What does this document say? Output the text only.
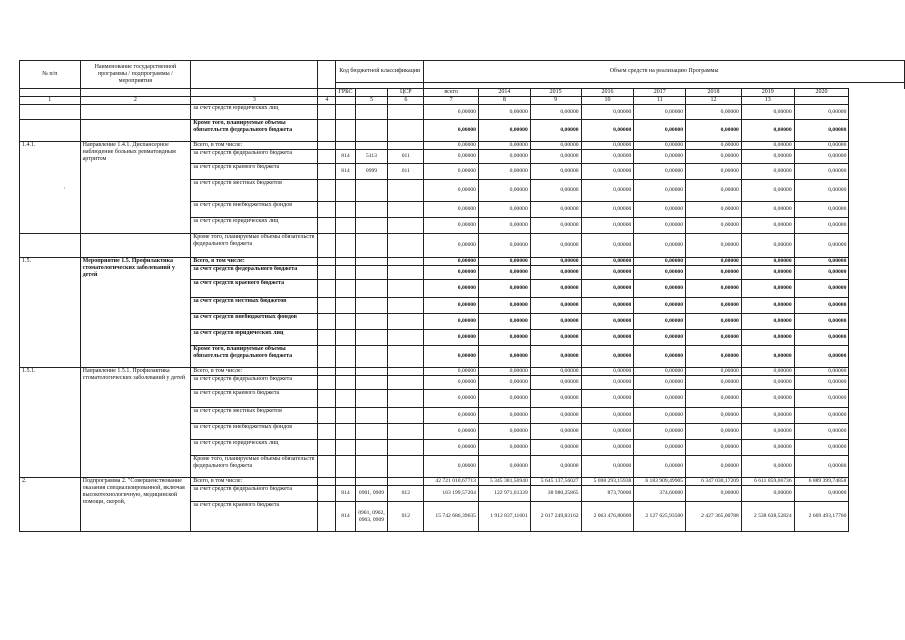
№ п/п	Наименование государственной программы / подпрограммы / мероприятия			Код бюджетной классификации			Объем средств на реализацию Программы							

				ГРБС		ЦСР	всего	2014	2015	2016	2017	2018	2019	2020
1	2	3	4		5	6	7	8	9	10	11	12	13	
		за счет средств юридических лиц					0,00000	0,00000	0,00000	0,00000	0,00000	0,00000	0,00000	0,00000
		Кроме того, планируемые объемы обязательств федерального бюджета					0,00000	0,00000	0,00000	0,00000	0,00000	0,00000	0,00000	0,00000
1.4.1.	Направление 1.4.1. Диспансерное наблюдение больных ревматоидным артритом	Всего, в том числе:					0,00000	0,00000	0,00000	0,00000	0,00000	0,00000	0,00000	0,00000
		за счет средств федерального бюджета		814	5113	011	0,00000	0,00000	0,00000	0,00000	0,00000	0,00000	0,00000	0,00000
		за счет средств краевого бюджета		814	0999	011	0,00000	0,00000	0,00000	0,00000	0,00000	0,00000	0,00000	0,00000
		за счет средств местных бюджетов					0,00000	0,00000	0,00000	0,00000	0,00000	0,00000	0,00000	0,00000
		за счет средств внебюджетных фондов					0,00000	0,00000	0,00000	0,00000	0,00000	0,00000	0,00000	0,00000
		за счет средств юридических лиц					0,00000	0,00000	0,00000	0,00000	0,00000	0,00000	0,00000	0,00000
		Кроме того, планируемые объемы обязательств федерального бюджета					0,00000	0,00000	0,00000	0,00000	0,00000	0,00000	0,00000	0,00000
1.5.	Мероприятие 1.5. Профилактика стоматологических заболеваний у детей	Всего, в том числе:					0,00000	0,00000	0,00000	0,00000	0,00000	0,00000	0,00000	0,00000
		за счет средств федерального бюджета					0,00000	0,00000	0,00000	0,00000	0,00000	0,00000	0,00000	0,00000
		за счет средств краевого бюджета					0,00000	0,00000	0,00000	0,00000	0,00000	0,00000	0,00000	0,00000
		за счет средств местных бюджетов					0,00000	0,00000	0,00000	0,00000	0,00000	0,00000	0,00000	0,00000
		за счет средств внебюджетных фондов					0,00000	0,00000	0,00000	0,00000	0,00000	0,00000	0,00000	0,00000
		за счет средств юридических лиц					0,00000	0,00000	0,00000	0,00000	0,00000	0,00000	0,00000	0,00000
		Кроме того, планируемые объемы обязательств федерального бюджета					0,00000	0,00000	0,00000	0,00000	0,00000	0,00000	0,00000	0,00000
1.5.1.	Направление 1.5.1. Профилактика стоматологических заболеваний у детей	Всего, в том числе:					0,00000	0,00000	0,00000	0,00000	0,00000	0,00000	0,00000	0,00000
		за счет средств федерального бюджета					0,00000	0,00000	0,00000	0,00000	0,00000	0,00000	0,00000	0,00000
		за счет средств краевого бюджета					0,00000	0,00000	0,00000	0,00000	0,00000	0,00000	0,00000	0,00000
		за счет средств местных бюджетов					0,00000	0,00000	0,00000	0,00000	0,00000	0,00000	0,00000	0,00000
		за счет средств внебюджетных фондов					0,00000	0,00000	0,00000	0,00000	0,00000	0,00000	0,00000	0,00000
		за счет средств юридических лиц					0,00000	0,00000	0,00000	0,00000	0,00000	0,00000	0,00000	0,00000
		Кроме того, планируемые объемы обязательств федерального бюджета					0,00000	0,00000	0,00000	0,00000	0,00000	0,00000	0,00000	0,00000
2.	Подпрограмма 2. "Совершенствование оказания специализированной, включая высокотехнологичную, медицинской помощи, скорой,	Всего, в том числе:					42 721 010,67713	5 345 381,56940	5 645 137,56027	5 698 293,15938	6 183 909,49905	6 347 030,17209	6 611 859,06736	6 889 399,74858
		за счет средств федерального бюджета		814	0901, 0909	012	163 199,57204	122 971,01339	38 980,25865	873,70000	374,60000	0,00000	0,00000	0,00000
		за счет средств краевого бюджета		814	0901, 0902, 0903, 0909	012	15 742 686,39635	1 912 837,11601	2 017 249,83162	2 063 476,80000	2 127 625,93500	2 427 365,00788	2 538 638,52824	2 669 493,17760
,
